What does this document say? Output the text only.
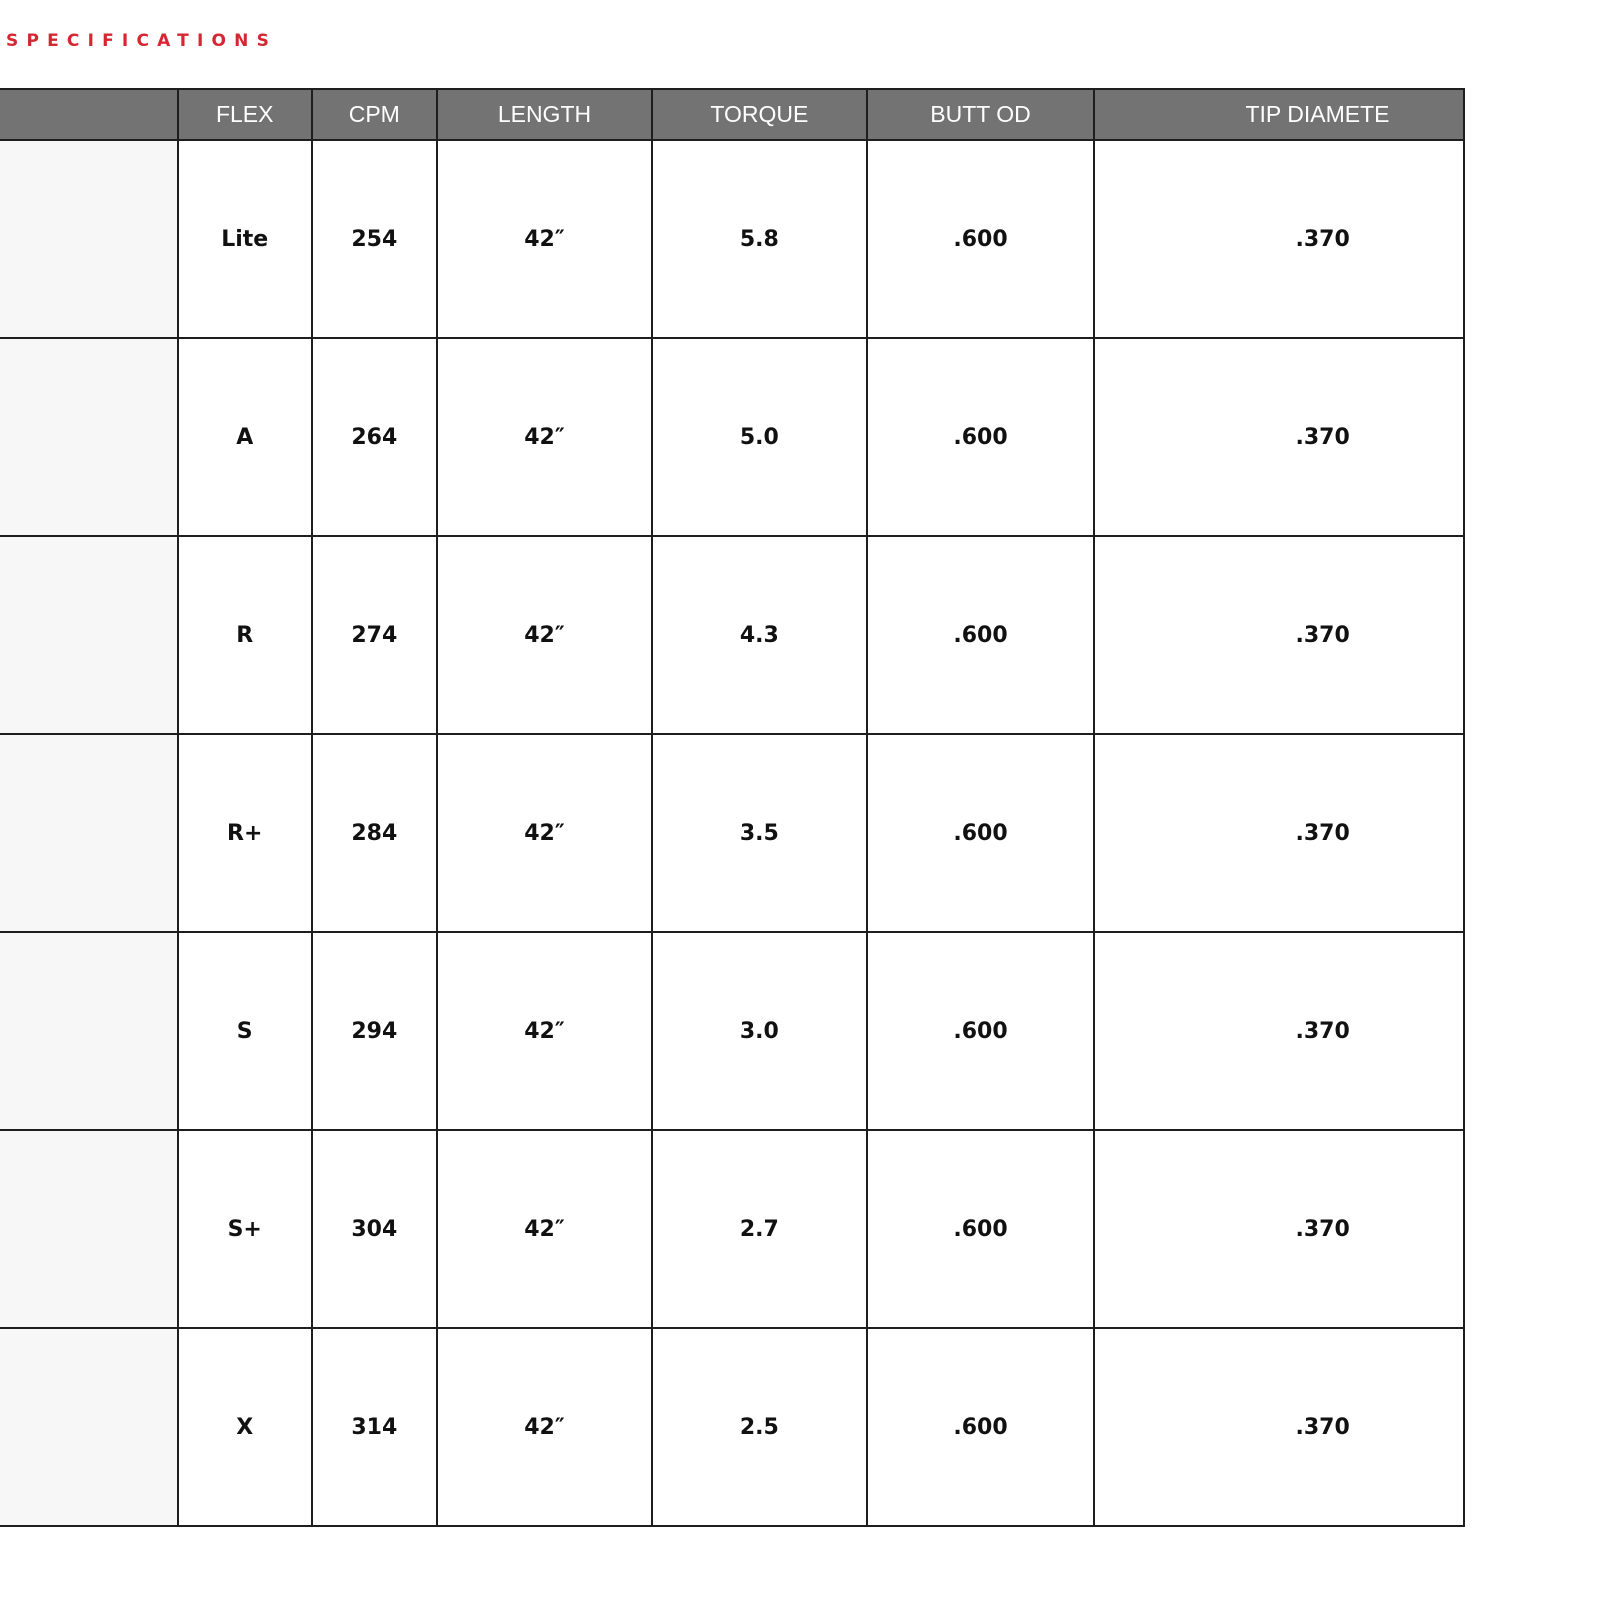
SPECIFICATIONS
	FLEX	CPM	LENGTH	TORQUE	BUTT OD	TIP DIAMETE
	Lite	254	42″	5.8	.600	.370
	A	264	42″	5.0	.600	.370
	R	274	42″	4.3	.600	.370
	R+	284	42″	3.5	.600	.370
	S	294	42″	3.0	.600	.370
	S+	304	42″	2.7	.600	.370
	X	314	42″	2.5	.600	.370
